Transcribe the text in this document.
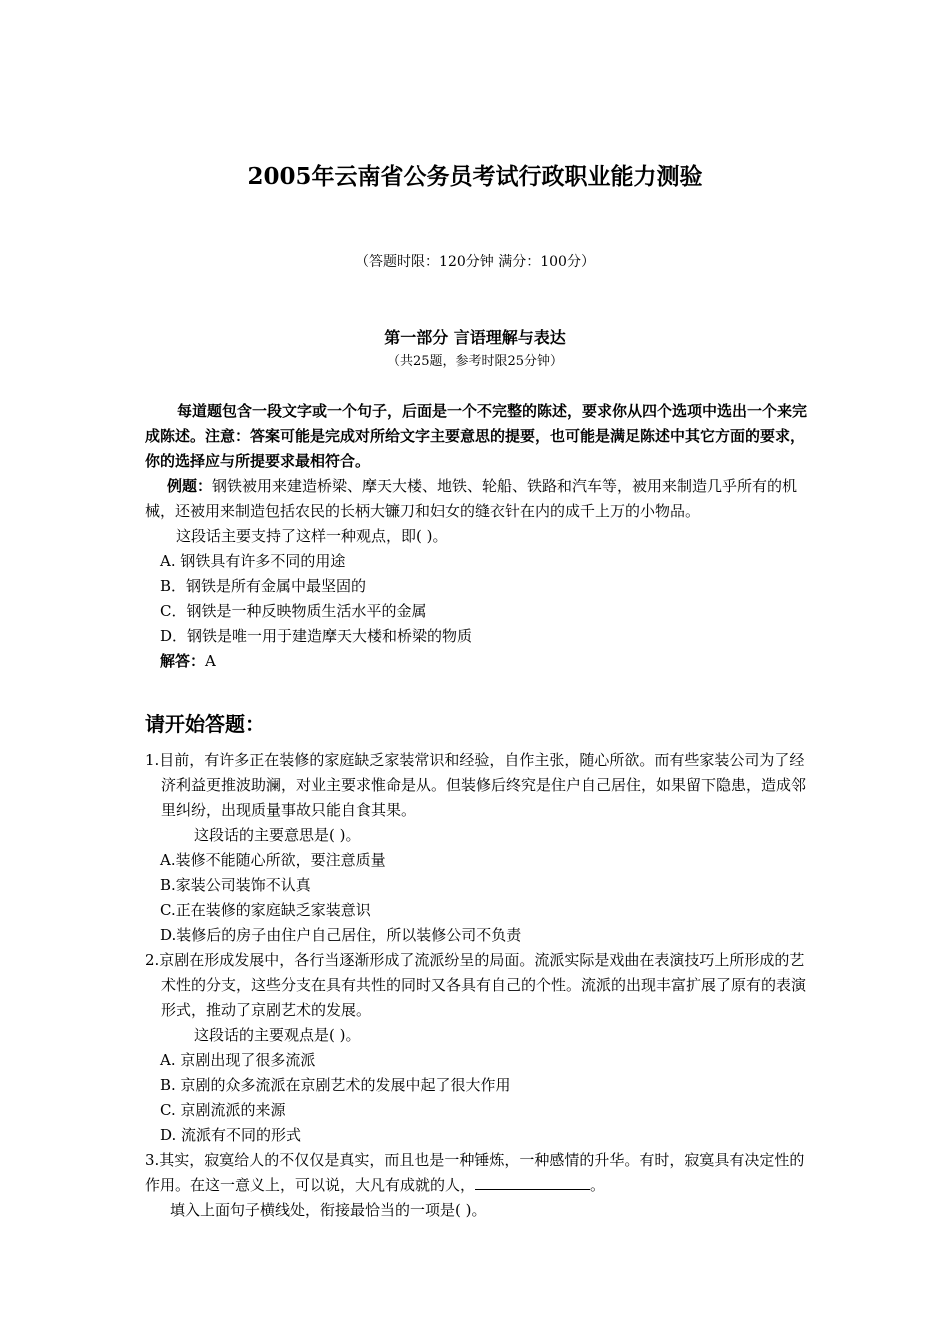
2005年云南省公务员考试行政职业能力测验
（答题时限：120分钟 满分：100分）
第一部分 言语理解与表达
（共25题，参考时限25分钟）
每道题包含一段文字或一个句子，后面是一个不完整的陈述，要求你从四个选项中选出一个来完成陈述。注意：答案可能是完成对所给文字主要意思的提要，也可能是满足陈述中其它方面的要求，你的选择应与所提要求最相符合。
例题：钢铁被用来建造桥梁、摩天大楼、地铁、轮船、铁路和汽车等，被用来制造几乎所有的机械，还被用来制造包括农民的长柄大镰刀和妇女的缝衣针在内的成千上万的小物品。
这段话主要支持了这样一种观点，即( )。
A. 钢铁具有许多不同的用途
B．钢铁是所有金属中最坚固的
C．钢铁是一种反映物质生活水平的金属
D．钢铁是唯一用于建造摩天大楼和桥梁的物质
解答：A
请开始答题：
1.目前，有许多正在装修的家庭缺乏家装常识和经验，自作主张，随心所欲。而有些家装公司为了经济利益更推波助澜，对业主要求惟命是从。但装修后终究是住户自己居住，如果留下隐患，造成邻里纠纷，出现质量事故只能自食其果。
这段话的主要意思是( )。
A.装修不能随心所欲，要注意质量
B.家装公司装饰不认真
C.正在装修的家庭缺乏家装意识
D.装修后的房子由住户自己居住，所以装修公司不负责
2.京剧在形成发展中，各行当逐渐形成了流派纷呈的局面。流派实际是戏曲在表演技巧上所形成的艺术性的分支，这些分支在具有共性的同时又各具有自己的个性。流派的出现丰富扩展了原有的表演形式，推动了京剧艺术的发展。
这段话的主要观点是( )。
A. 京剧出现了很多流派
B. 京剧的众多流派在京剧艺术的发展中起了很大作用
C. 京剧流派的来源
D. 流派有不同的形式
3.其实，寂寞给人的不仅仅是真实，而且也是一种锤炼，一种感情的升华。有时，寂寞具有决定性的作用。在这一意义上，可以说，大凡有成就的人，	。
填入上面句子横线处，衔接最恰当的一项是( )。
